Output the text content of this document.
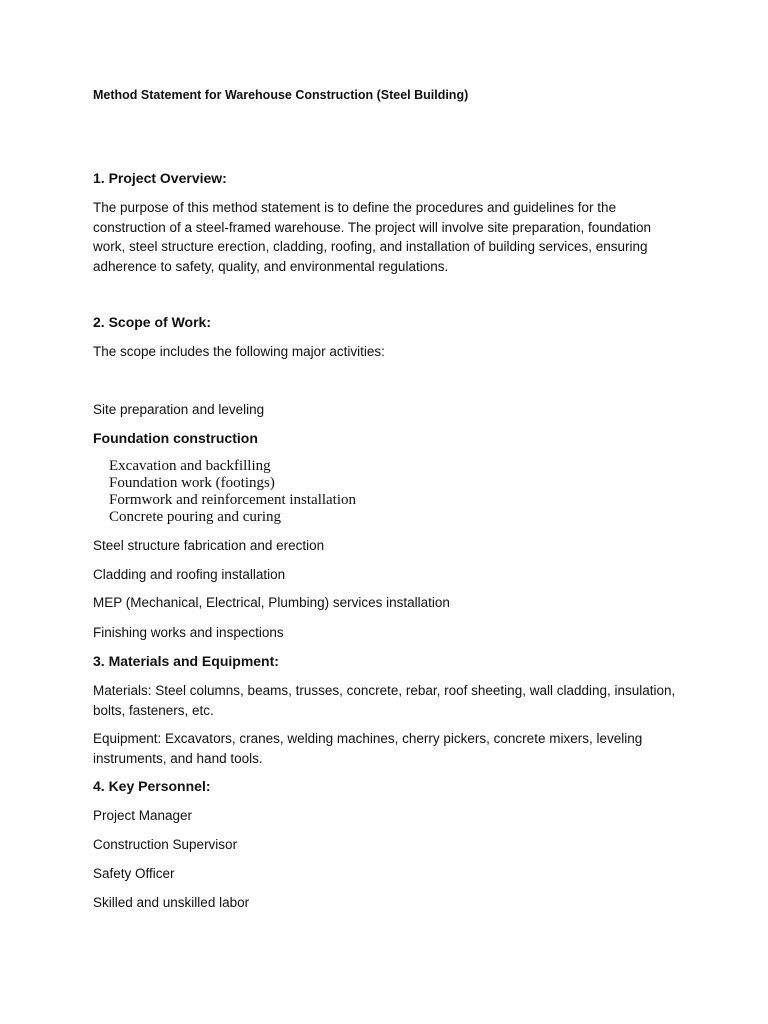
Method Statement for Warehouse Construction (Steel Building)
1. Project Overview:
The purpose of this method statement is to define the procedures and guidelines for the construction of a steel-framed warehouse. The project will involve site preparation, foundation work, steel structure erection, cladding, roofing, and installation of building services, ensuring adherence to safety, quality, and environmental regulations.
2. Scope of Work:
The scope includes the following major activities:
Site preparation and leveling
Foundation construction
Excavation and backfilling
Foundation work (footings)
Formwork and reinforcement installation
Concrete pouring and curing
Steel structure fabrication and erection
Cladding and roofing installation
MEP (Mechanical, Electrical, Plumbing) services installation
Finishing works and inspections
3. Materials and Equipment:
Materials: Steel columns, beams, trusses, concrete, rebar, roof sheeting, wall cladding, insulation, bolts, fasteners, etc.
Equipment: Excavators, cranes, welding machines, cherry pickers, concrete mixers, leveling instruments, and hand tools.
4. Key Personnel:
Project Manager
Construction Supervisor
Safety Officer
Skilled and unskilled labor
